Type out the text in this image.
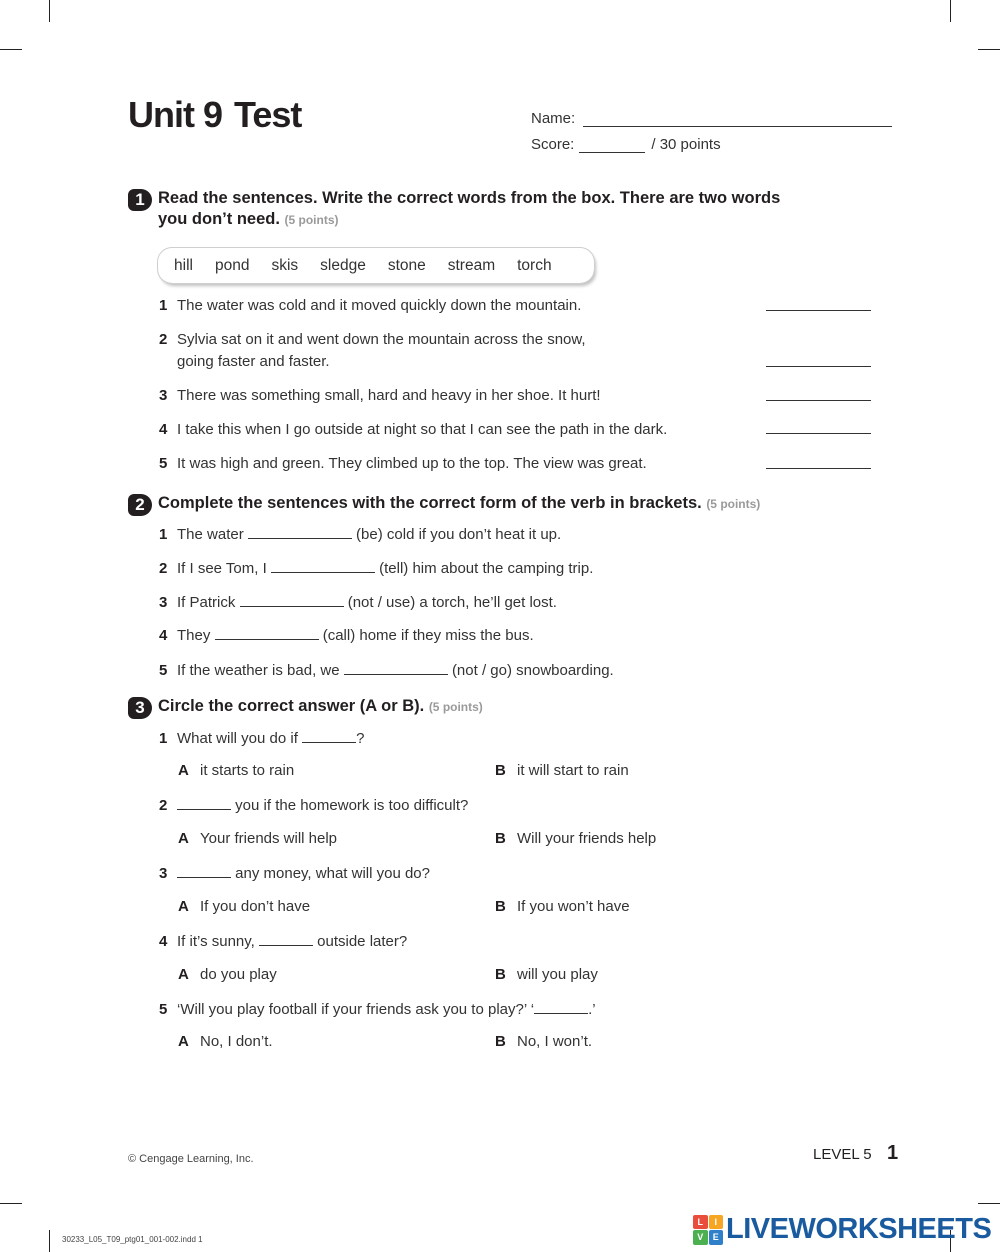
Unit 9 Test	Name:
Score:	/ 30 points
1 Read the sentences. Write the correct words from the box. There are two words
you don’t need. (5 points)
hill pond skis sledge stone stream torch
1 The water was cold and it moved quickly down the mountain.
2 Sylvia sat on it and went down the mountain across the snow,
going faster and faster.
3 There was something small, hard and heavy in her shoe. It hurt!
4 I take this when I go outside at night so that I can see the path in the dark.
5 It was high and green. They climbed up to the top. The view was great.
2 Complete the sentences with the correct form of the verb in brackets. (5 points)
1 The water	(be) cold if you don’t heat it up.
2 If I see Tom, I	(tell) him about the camping trip.
3 If Patrick	(not / use) a torch, he’ll get lost.
4 They	(call) home if they miss the bus.
5 If the weather is bad, we	(not / go) snowboarding.
3 Circle the correct answer (A or B). (5 points)
1 What will you do if	?
A it starts to rain	B it will start to rain
2	you if the homework is too difficult?
A Your friends will help	B Will your friends help
3	any money, what will you do?
A If you don’t have	B If you won’t have
4 If it’s sunny,	outside later?
A do you play	B will you play
5 ‘Will you play football if your friends ask you to play?’ ‘	.’
A No, I don’t.	B No, I won’t.
© Cengage Learning, Inc.	LEVEL 5 1
30233_L05_T09_ptg01_001-002.indd 1
L	I
V	E LIVEWORKSHEETS
